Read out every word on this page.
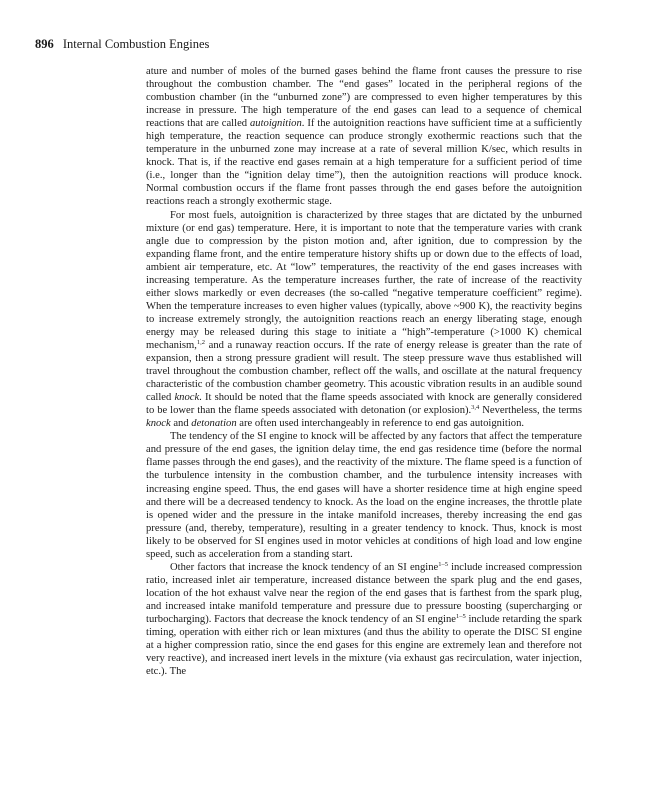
896 Internal Combustion Engines

ature and number of moles of the burned gases behind the flame front causes the pressure to rise throughout the combustion chamber. The “end gases” located in the peripheral regions of the combustion chamber (in the “unburned zone”) are compressed to even higher temperatures by this increase in pressure. The high temperature of the end gases can lead to a sequence of chemical reactions that are called autoignition. If the autoignition reactions have sufficient time at a sufficiently high temperature, the reaction sequence can produce strongly exothermic reactions such that the temperature in the unburned zone may increase at a rate of several million K/sec, which results in knock. That is, if the reactive end gases remain at a high temperature for a sufficient period of time (i.e., longer than the “ignition delay time”), then the autoignition reactions will produce knock. Normal combustion occurs if the flame front passes through the end gases before the autoignition reactions reach a strongly exothermic stage.

For most fuels, autoignition is characterized by three stages that are dictated by the unburned mixture (or end gas) temperature. Here, it is important to note that the temperature varies with crank angle due to compression by the piston motion and, after ignition, due to compression by the expanding flame front, and the entire temperature history shifts up or down due to the effects of load, ambient air temperature, etc. At “low” temperatures, the reactivity of the end gases increases with increasing temperature. As the temperature increases further, the rate of increase of the reactivity either slows markedly or even decreases (the so-called “negative temperature coefficient” regime). When the temperature increases to even higher values (typically, above ~900 K), the reactivity begins to increase extremely strongly, the autoignition reactions reach an energy liberating stage, enough energy may be released during this stage to initiate a “high”-temperature (>1000 K) chemical mechanism,$^{1,2}$ and a runaway reaction occurs. If the rate of energy release is greater than the rate of expansion, then a strong pressure gradient will result. The steep pressure wave thus established will travel throughout the combustion chamber, reflect off the walls, and oscillate at the natural frequency characteristic of the combustion chamber geometry. This acoustic vibration results in an audible sound called knock. It should be noted that the flame speeds associated with knock are generally considered to be lower than the flame speeds associated with detonation (or explosion).$^{3,4}$ Nevertheless, the terms knock and detonation are often used interchangeably in reference to end gas autoignition.

The tendency of the SI engine to knock will be affected by any factors that affect the temperature and pressure of the end gases, the ignition delay time, the end gas residence time (before the normal flame passes through the end gases), and the reactivity of the mixture. The flame speed is a function of the turbulence intensity in the combustion chamber, and the turbulence intensity increases with increasing engine speed. Thus, the end gases will have a shorter residence time at high engine speed and there will be a decreased tendency to knock. As the load on the engine increases, the throttle plate is opened wider and the pressure in the intake manifold increases, thereby increasing the end gas pressure (and, thereby, temperature), resulting in a greater tendency to knock. Thus, knock is most likely to be observed for SI engines used in motor vehicles at conditions of high load and low engine speed, such as acceleration from a standing start.

Other factors that increase the knock tendency of an SI engine$^{1-5}$ include increased compression ratio, increased inlet air temperature, increased distance between the spark plug and the end gases, location of the hot exhaust valve near the region of the end gases that is farthest from the spark plug, and increased intake manifold temperature and pressure due to pressure boosting (supercharging or turbocharging). Factors that decrease the knock tendency of an SI engine$^{1-5}$ include retarding the spark timing, operation with either rich or lean mixtures (and thus the ability to operate the DISC SI engine at a higher compression ratio, since the end gases for this engine are extremely lean and therefore not very reactive), and increased inert levels in the mixture (via exhaust gas recirculation, water injection, etc.). The
